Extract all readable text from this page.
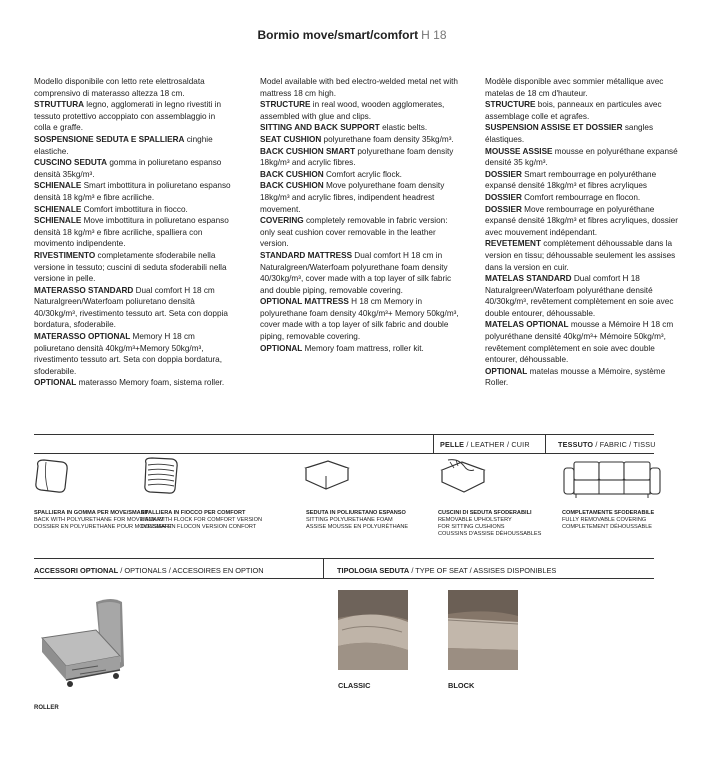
Bormio move/smart/comfort H 18

Modello disponibile con letto rete elettrosaldata comprensivo di materasso altezza 18 cm.

STRUTTURA legno, agglomerati in legno rivestiti in tessuto protettivo accoppiato con assemblaggio in colla e graffe.

SOSPENSIONE SEDUTA E SPALLIERA cinghie elastiche.

CUSCINO SEDUTA gomma in poliuretano espanso densità 35kg/m³.

SCHIENALE Smart imbottitura in poliuretano espanso densità 18 kg/m³ e fibre acriliche.

SCHIENALE Comfort imbottitura in fiocco.

SCHIENALE Move imbottitura in poliuretano espanso densità 18 kg/m³ e fibre acriliche, spalliera con movimento indipendente.

RIVESTIMENTO completamente sfoderabile nella versione in tessuto; cuscini di seduta sfoderabili nella versione in pelle.

MATERASSO STANDARD Dual comfort H 18 cm Naturalgreen/Waterfoam poliuretano densità 40/30kg/m³, rivestimento tessuto art. Seta con doppia bordatura, sfoderabile.

MATERASSO OPTIONAL Memory H 18 cm poliuretano densità 40kg/m³+Memory 50kg/m³, rivestimento tessuto art. Seta con doppia bordatura, sfoderabile.

OPTIONAL materasso Memory foam, sistema roller.

Model available with bed electro-welded metal net with mattress 18 cm high.

STRUCTURE in real wood, wooden agglomerates, assembled with glue and clips.

SITTING AND BACK SUPPORT elastic belts.

SEAT CUSHION polyurethane foam density 35kg/m³.

BACK CUSHION SMART polyurethane foam density 18kg/m³ and acrylic fibres.

BACK CUSHION Comfort acrylic flock.

BACK CUSHION Move polyurethane foam density 18kg/m³ and acrylic fibres, indipendent headrest movement.

COVERING completely removable in fabric version: only seat cushion cover removable in the leather version.

STANDARD MATTRESS Dual comfort H 18 cm in Naturalgreen/Waterfoam polyurethane foam density 40/30kg/m³, cover made with a top layer of silk fabric and double piping, removable covering.

OPTIONAL MATTRESS H 18 cm Memory in polyurethane foam density 40kg/m³+ Memory 50kg/m³, cover made with a top layer of silk fabric and double piping, removable covering.

OPTIONAL Memory foam mattress, roller kit.

Modèle disponible avec sommier métallique avec matelas de 18 cm d'hauteur.

STRUCTURE bois, panneaux en particules avec assemblage colle et agrafes.

SUSPENSION ASSISE ET DOSSIER sangles élastiques.

MOUSSE ASSISE mousse en polyuréthane expansé densité 35 kg/m³.

DOSSIER Smart rembourrage en polyuréthane expansé densité 18kg/m³ et fibres acryliques

DOSSIER Comfort rembourrage en flocon.

DOSSIER Move rembourrage en polyuréthane expansé densité 18kg/m³ et fibres acryliques, dossier avec mouvement indépendant.

REVETEMENT complètement déhoussable dans la version en tissu; déhoussable seulement les assises dans la version en cuir.

MATELAS STANDARD Dual comfort H 18 Naturalgreen/Waterfoam polyuréthane densité 40/30kg/m³, revêtement complètement en soie avec double entourer, déhoussable.

MATELAS OPTIONAL mousse a Mémoire H 18 cm polyuréthane densité 40kg/m³+ Mémoire 50kg/m³, revêtement complètement en soie avec double entourer, déhoussable.

OPTIONAL matelas mousse a Mémoire, système Roller.

PELLE / LEATHER / CUIR	TESSUTO / FABRIC / TISSU
SPALLIERA IN GOMMA PER MOVE/SMART
BACK WITH POLYURETHANE FOR MOVE/SMART
DOSSIER EN POLYURETHANE POUR MOVE/SMART
SPALLIERA IN FIOCCO PER COMFORT
BACK WITH FLOCK FOR COMFORT VERSION
DOSSIER EN FLOCON VERSION CONFORT
SEDUTA IN POLIURETANO ESPANSO
SITTING POLYURETHANE FOAM
ASSISE MOUSSE EN POLYURÉTHANE
CUSCINI DI SEDUTA SFODERABILI
REMOVABLE UPHOLSTERY
FOR SITTING CUSHIONS
COUSSINS D'ASSISE DÉHOUSSABLES
COMPLETAMENTE SFODERABILE
FULLY REMOVABLE COVERING
COMPLETEMENT DÉHOUSSABLE
ACCESSORI OPTIONAL / OPTIONALS / ACCESOIRES EN OPTION	TIPOLOGIA SEDUTA / TYPE OF SEAT / ASSISES DISPONIBLES
ROLLER
CLASSIC	BLOCK
